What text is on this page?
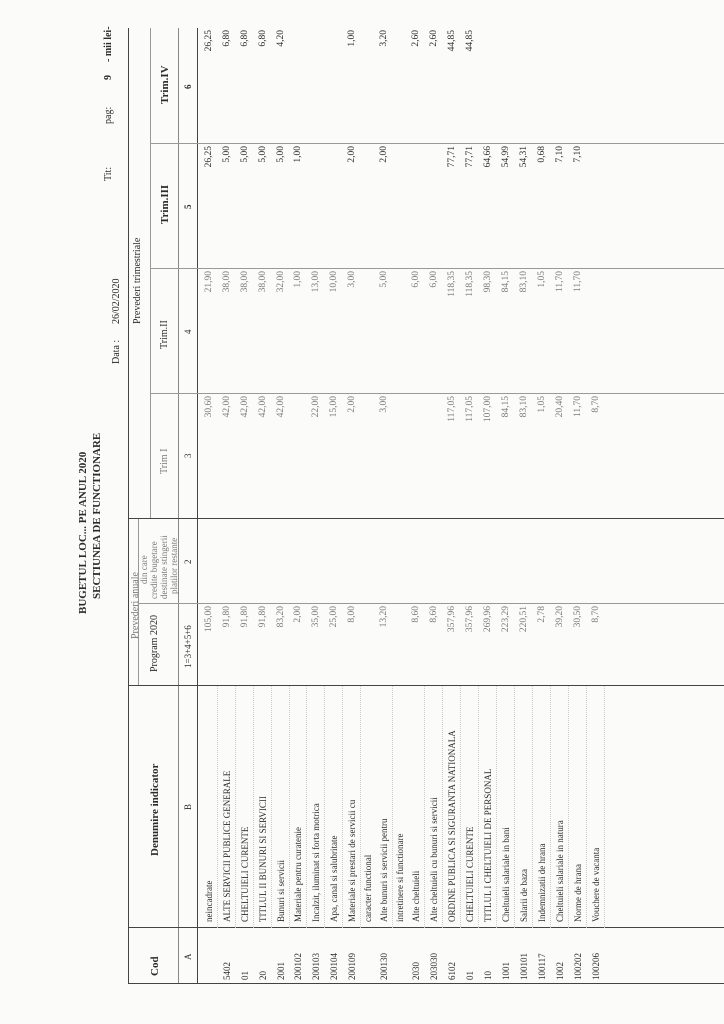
BUGETUL LOC... PE ANUL 2020 SECTIUNEA DE FUNCTIONARE
Data :
26/02/2020
Tit:
pag:
9
- mii lei-
Cod
Denumire indicator
Prevederi anuale
Program 2020
din care credite bugetare destinate stingerii platilor restante
Prevederi trimestriale
Trim I
Trim.II
Trim.III
Trim.IV
A
B
1=3+4+5+6
2
3
4
5
6
neincadrate
105,00
30,60
21,90
26,25
26,25
5402
ALTE SERVICII PUBLICE GENERALE
91,80
42,00
38,00
5,00
6,80
01
CHELTUIELI CURENTE
91,80
42,00
38,00
5,00
6,80
20
TITLUL II BUNURI SI SERVICII
91,80
42,00
38,00
5,00
6,80
2001
Bunuri si servicii
83,20
42,00
32,00
5,00
4,20
200102
Materiale pentru curatenie
2,00
1,00
1,00
200103
Incalzit, iluminat si forta motrica
35,00
22,00
13,00
200104
Apa, canal si salubritate
25,00
15,00
10,00
200109
Materiale si prestari de servicii cu caracter functional
8,00
2,00
3,00
2,00
1,00
200130
Alte bunuri si servicii pentru intretinere si functionare
13,20
3,00
5,00
2,00
3,20
2030
Alte cheltuieli
8,60
6,00
2,60
203030
Alte cheltuieli cu bunuri si servicii
8,60
6,00
2,60
6102
ORDINE PUBLICA SI SIGURANTA NATIONALA
357,96
117,05
118,35
77,71
44,85
01
CHELTUIELI CURENTE
357,96
117,05
118,35
77,71
44,85
10
TITLUL I CHELTUIELI DE PERSONAL
269,96
107,00
98,30
64,66
1001
Cheltuieli salariale in bani
223,29
84,15
84,15
54,99
100101
Salarii de baza
220,51
83,10
83,10
54,31
100117
Indemnizatii de hrana
2,78
1,05
1,05
0,68
1002
Cheltuieli salariale in natura
39,20
20,40
11,70
7,10
100202
Norme de hrana
30,50
11,70
11,70
7,10
100206
Vouchere de vacanta
8,70
8,70
